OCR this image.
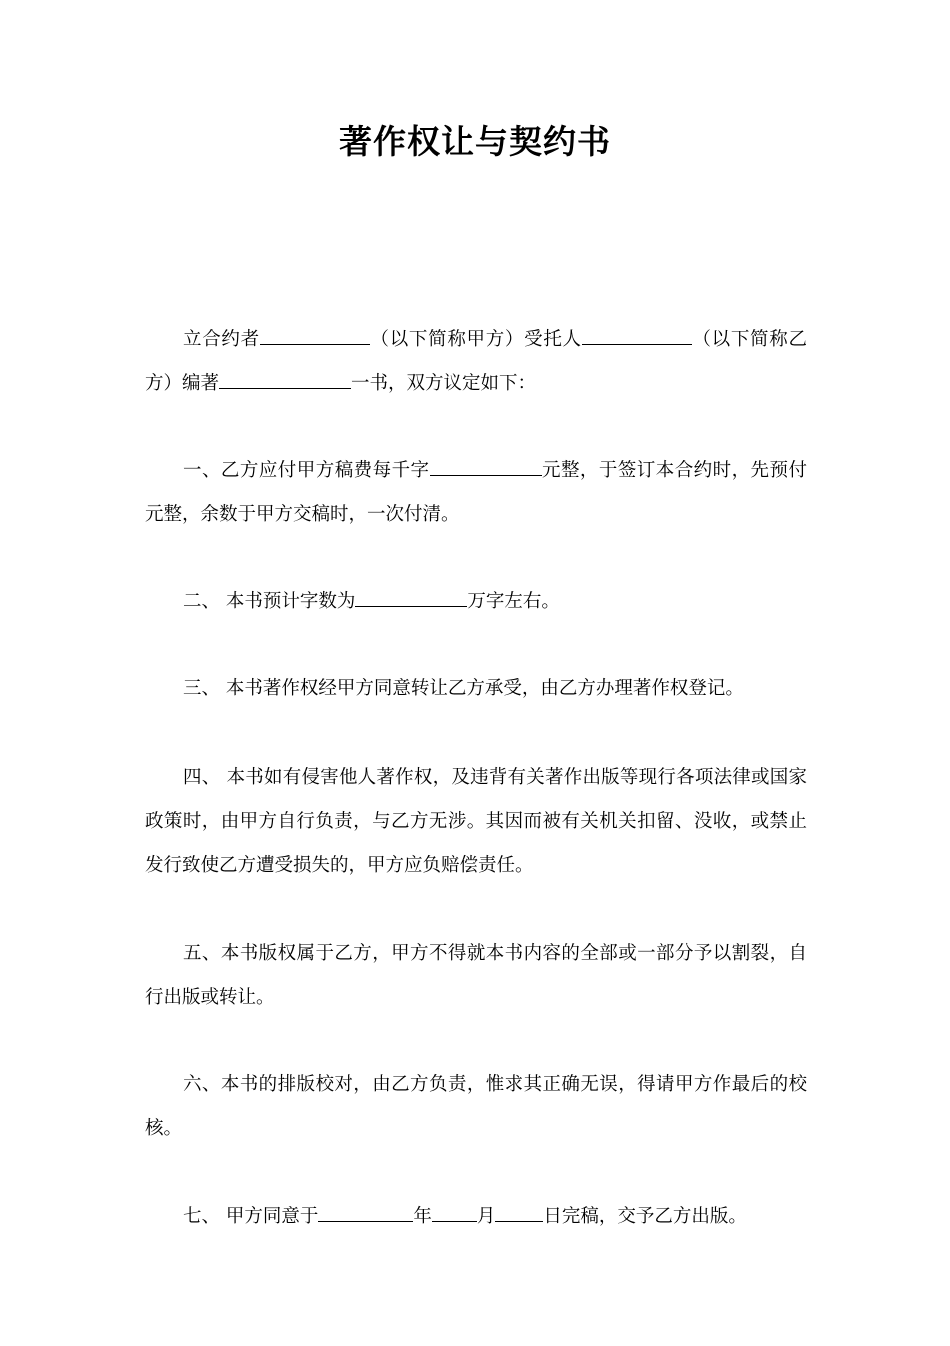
著作权让与契约书

立合约者	（以下简称甲方）受托人	（以下简称乙方）编著	一书，双方议定如下：

一、乙方应付甲方稿费每千字	元整，于签订本合约时，先预付元整，余数于甲方交稿时，一次付清。

二、 本书预计字数为	万字左右。

三、 本书著作权经甲方同意转让乙方承受，由乙方办理著作权登记。

四、 本书如有侵害他人著作权，及违背有关著作出版等现行各项法律或国家政策时，由甲方自行负责，与乙方无涉。其因而被有关机关扣留、没收，或禁止发行致使乙方遭受损失的，甲方应负赔偿责任。

五、本书版权属于乙方，甲方不得就本书内容的全部或一部分予以割裂，自行出版或转让。

六、本书的排版校对，由乙方负责，惟求其正确无误，得请甲方作最后的校核。

七、 甲方同意于	年 月	日完稿，交予乙方出版。
